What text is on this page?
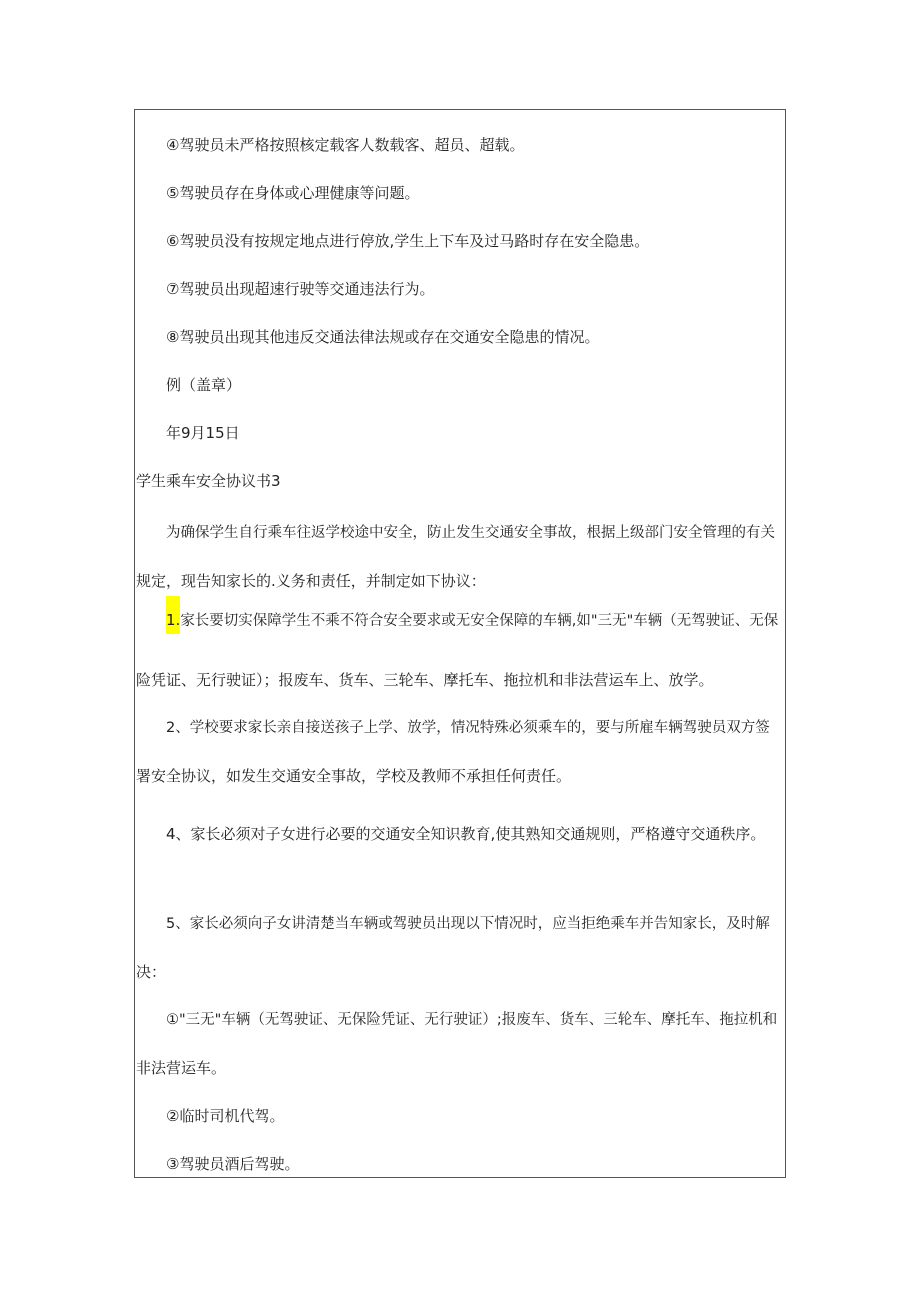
④驾驶员未严格按照核定载客人数载客、超员、超载。
⑤驾驶员存在身体或心理健康等问题。
⑥驾驶员没有按规定地点进行停放,学生上下车及过马路时存在安全隐患。
⑦驾驶员出现超速行驶等交通违法行为。
⑧驾驶员出现其他违反交通法律法规或存在交通安全隐患的情况。
例（盖章）
年9月15日
学生乘车安全协议书3
为确保学生自行乘车往返学校途中安全，防止发生交通安全事故，根据上级部门安全管理的有关
规定，现告知家长的.义务和责任，并制定如下协议：
1.家长要切实保障学生不乘不符合安全要求或无安全保障的车辆,如"三无"车辆（无驾驶证、无保
险凭证、无行驶证）；报废车、货车、三轮车、摩托车、拖拉机和非法营运车上、放学。
2、学校要求家长亲自接送孩子上学、放学，情况特殊必须乘车的，要与所雇车辆驾驶员双方签
署安全协议，如发生交通安全事故，学校及教师不承担任何责任。
4、家长必须对子女进行必要的交通安全知识教育,使其熟知交通规则，严格遵守交通秩序。
5、家长必须向子女讲清楚当车辆或驾驶员出现以下情况时，应当拒绝乘车并告知家长，及时解
决：
①"三无"车辆（无驾驶证、无保险凭证、无行驶证）;报废车、货车、三轮车、摩托车、拖拉机和
非法营运车。
②临时司机代驾。
③驾驶员酒后驾驶。
